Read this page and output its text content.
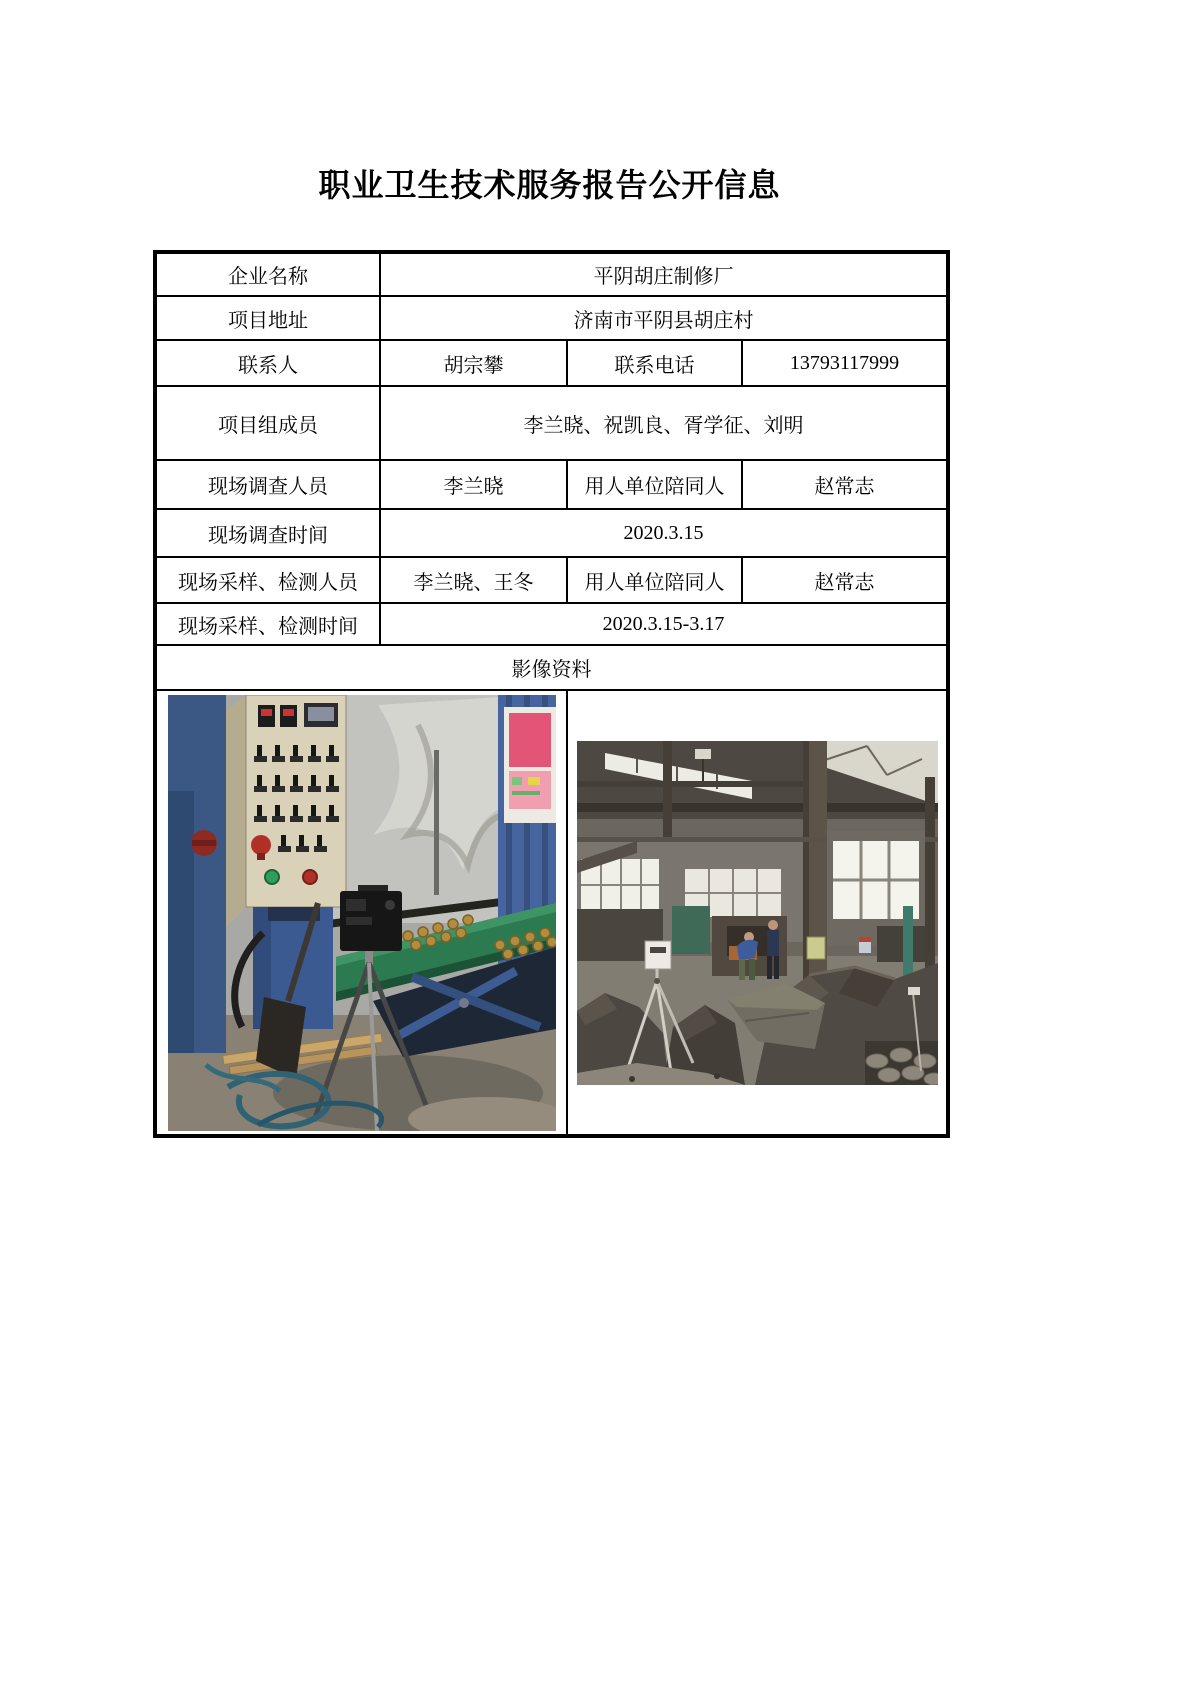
职业卫生技术服务报告公开信息
企业名称	平阴胡庄制修厂		
项目地址	济南市平阴县胡庄村		
联系人	胡宗攀	联系电话	13793117999
项目组成员	李兰晓、祝凯良、胥学征、刘明		
现场调查人员	李兰晓	用人单位陪同人	赵常志
现场调查时间	2020.3.15		
现场采样、检测人员	李兰晓、王冬	用人单位陪同人	赵常志
现场采样、检测时间	2020.3.15-3.17		
影像资料			
